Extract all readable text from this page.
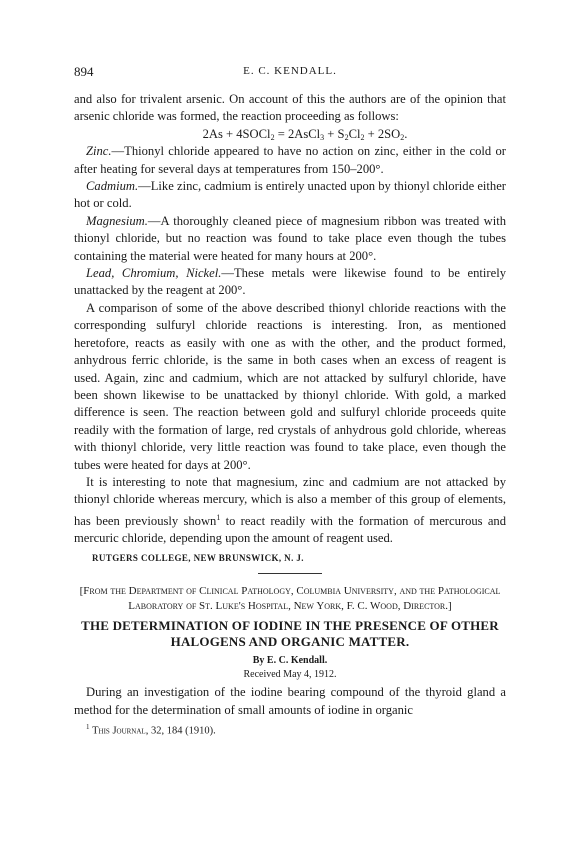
894	E. C. KENDALL.

and also for trivalent arsenic. On account of this the authors are of the opinion that arsenic chloride was formed, the reaction proceeding as follows:

2As + 4SOCl$_2$ = 2AsCl$_3$ + $S_2Cl_2 + 2SO_2$.

Zinc.—Thionyl chloride appeared to have no action on zinc, either in the cold or after heating for several days at temperatures from 150–200°.

Cadmium.—Like zinc, cadmium is entirely unacted upon by thionyl chloride either hot or cold.

Magnesium.—A thoroughly cleaned piece of magnesium ribbon was treated with thionyl chloride, but no reaction was found to take place even though the tubes containing the material were heated for many hours at 200°.

Lead, Chromium, Nickel.—These metals were likewise found to be entirely unattacked by the reagent at 200°.

A comparison of some of the above described thionyl chloride reactions with the corresponding sulfuryl chloride reactions is interesting. Iron, as mentioned heretofore, reacts as easily with one as with the other, and the product formed, anhydrous ferric chloride, is the same in both cases when an excess of reagent is used. Again, zinc and cadmium, which are not attacked by sulfuryl chloride, have been shown likewise to be unattacked by thionyl chloride. With gold, a marked difference is seen. The reaction between gold and sulfuryl chloride proceeds quite readily with the formation of large, red crystals of anhydrous gold chloride, whereas with thionyl chloride, very little reaction was found to take place, even though the tubes were heated for days at 200°.

It is interesting to note that magnesium, zinc and cadmium are not attacked by thionyl chloride whereas mercury, which is also a member of this group of elements, has been previously shown$^1$ to react readily with the formation of mercurous and mercuric chloride, depending upon the amount of reagent used.

RUTGERS COLLEGE, NEW BRUNSWICK, N. J.

[From the Department of Clinical Pathology, Columbia University, and the Pathological Laboratory of St. Luke's Hospital, New York, F. C. Wood, Director.]

THE DETERMINATION OF IODINE IN THE PRESENCE OF OTHER HALOGENS AND ORGANIC MATTER.

By E. C. Kendall.

Received May 4, 1912.

During an investigation of the iodine bearing compound of the thyroid gland a method for the determination of small amounts of iodine in organic

$^1$ This Journal, 32, 184 (1910).
